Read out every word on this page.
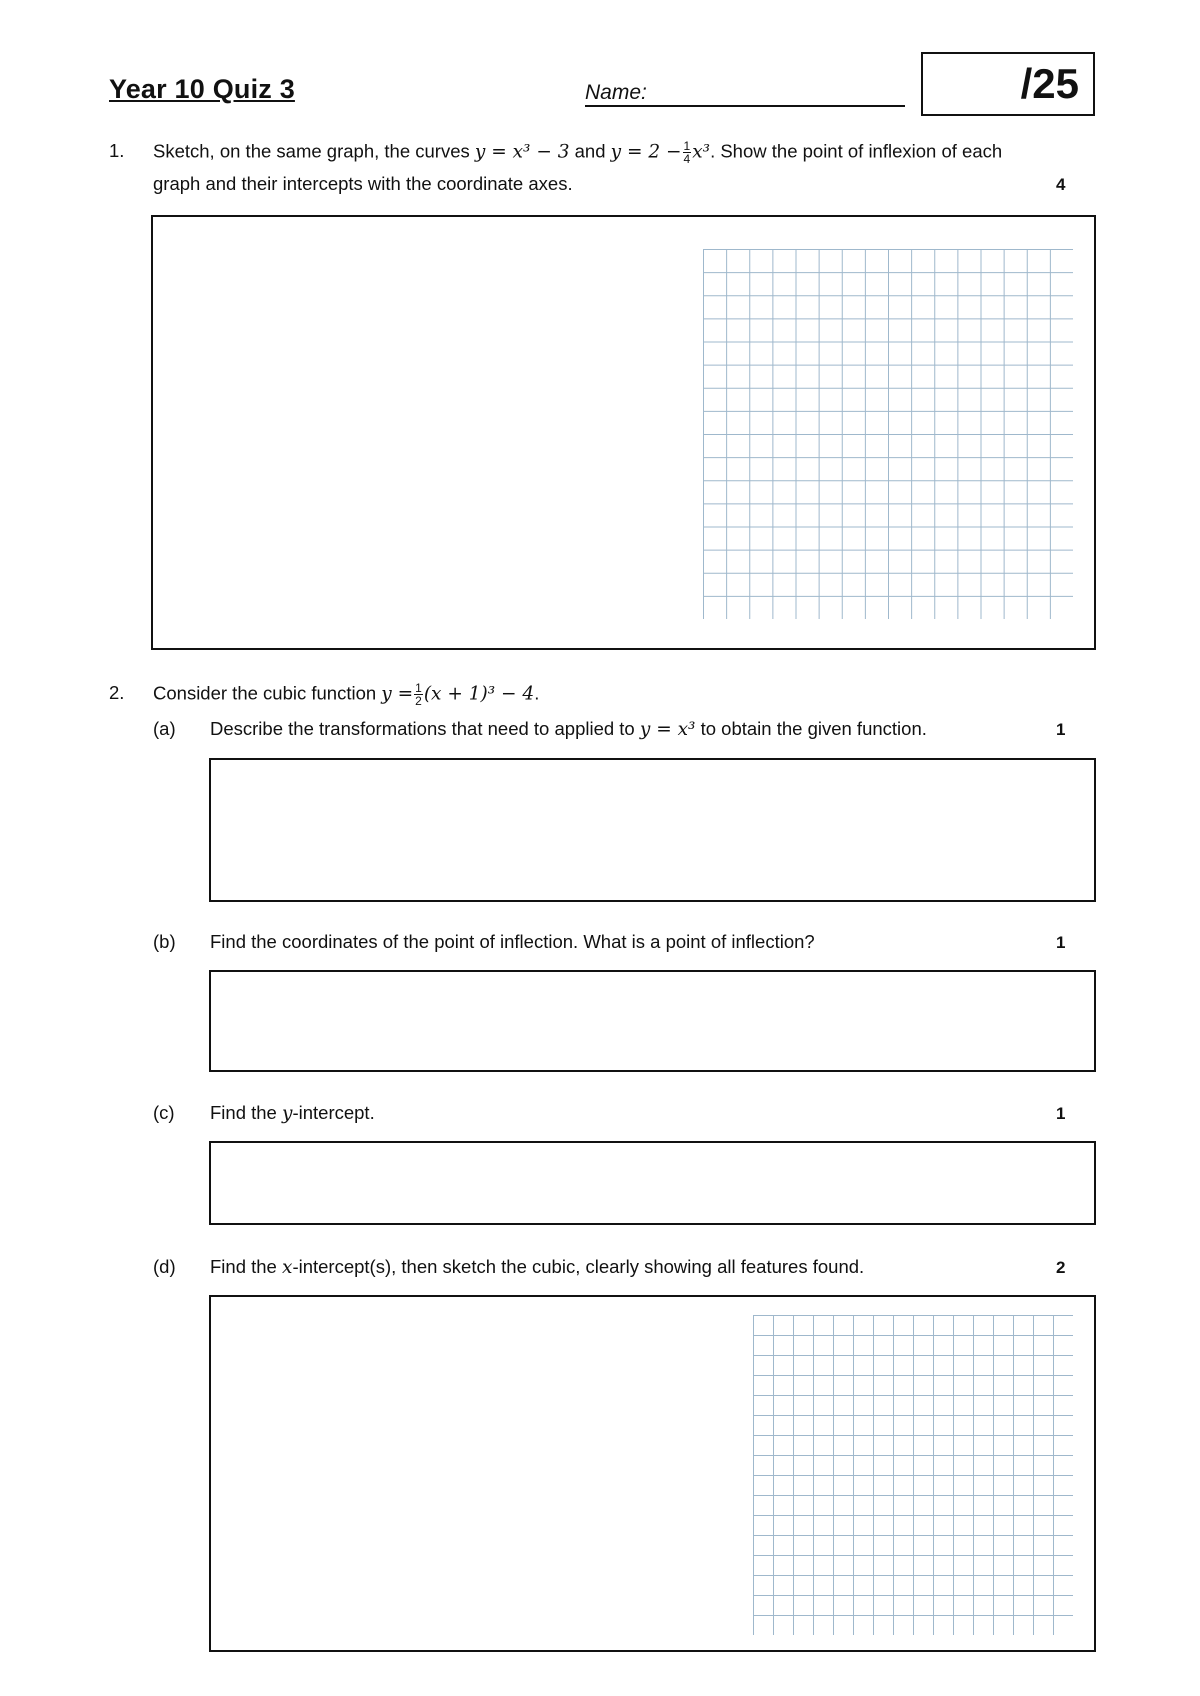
Year 10 Quiz 3	Name:	/25
1. Sketch, on the same graph, the curves y = x³ − 3 and $y = 2 - \frac{1}{4} x^3$. Show the point of inflexion of each
graph and their intercepts with the coordinate axes.	4
2. Consider the cubic function $y = \frac{1}{2} (x + 1)^3 - 4$.
(a) Describe the transformations that need to applied to y = x³ to obtain the given function.	1
(b) Find the coordinates of the point of inflection. What is a point of inflection?	1
(c) Find the y-intercept.	1
(d) Find the x-intercept(s), then sketch the cubic, clearly showing all features found.	2
